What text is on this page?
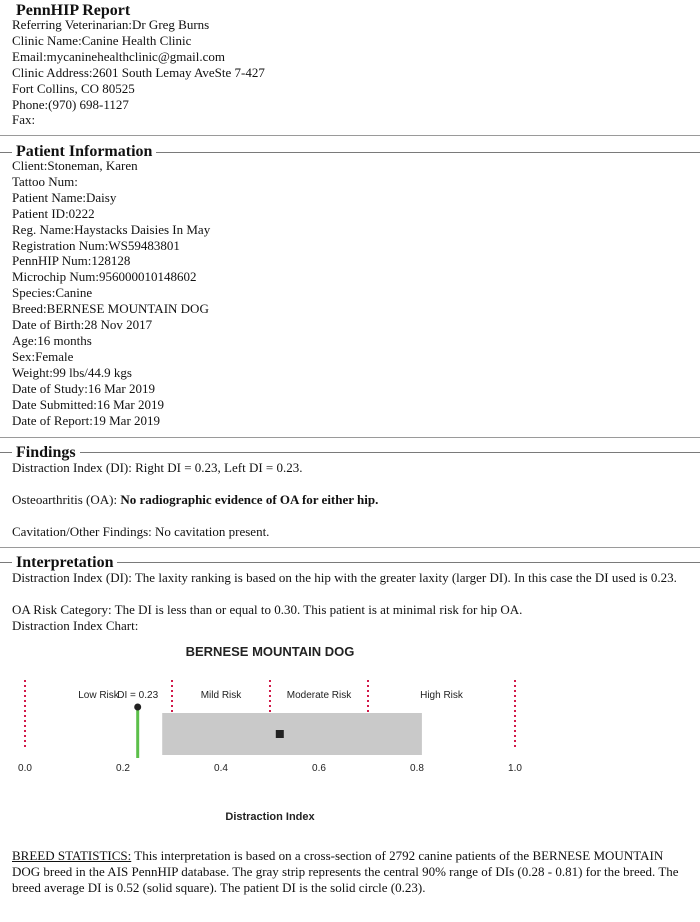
PennHIP Report
Referring Veterinarian:Dr Greg Burns
Clinic Name:Canine Health Clinic
Email:mycaninehealthclinic@gmail.com
Clinic Address:2601 South Lemay AveSte 7-427
Fort Collins, CO 80525
Phone:(970) 698-1127
Fax:
Patient Information
Client:Stoneman, Karen
Tattoo Num:
Patient Name:Daisy
Patient ID:0222
Reg. Name:Haystacks Daisies In May
Registration Num:WS59483801
PennHIP Num:128128
Microchip Num:956000010148602
Species:Canine
Breed:BERNESE MOUNTAIN DOG
Date of Birth:28 Nov 2017
Age:16 months
Sex:Female
Weight:99 lbs/44.9 kgs
Date of Study:16 Mar 2019
Date Submitted:16 Mar 2019
Date of Report:19 Mar 2019
Findings
Distraction Index (DI): Right DI = 0.23, Left DI = 0.23.
Osteoarthritis (OA): No radiographic evidence of OA for either hip.
Cavitation/Other Findings: No cavitation present.
Interpretation
Distraction Index (DI): The laxity ranking is based on the hip with the greater laxity (larger DI). In this case the DI used is 0.23.
OA Risk Category: The DI is less than or equal to 0.30. This patient is at minimal risk for hip OA.
Distraction Index Chart:
BERNESE MOUNTAIN DOG
Low Risk	Mild Risk	Moderate Risk	High Risk
DI = 0.23
0.0	0.2	0.4	0.6	0.8	1.0
Distraction Index
BREED STATISTICS: This interpretation is based on a cross-section of 2792 canine patients of the BERNESE MOUNTAIN DOG breed in the AIS PennHIP database. The gray strip represents the central 90% range of DIs (0.28 - 0.81) for the breed. The breed average DI is 0.52 (solid square). The patient DI is the solid circle (0.23).
